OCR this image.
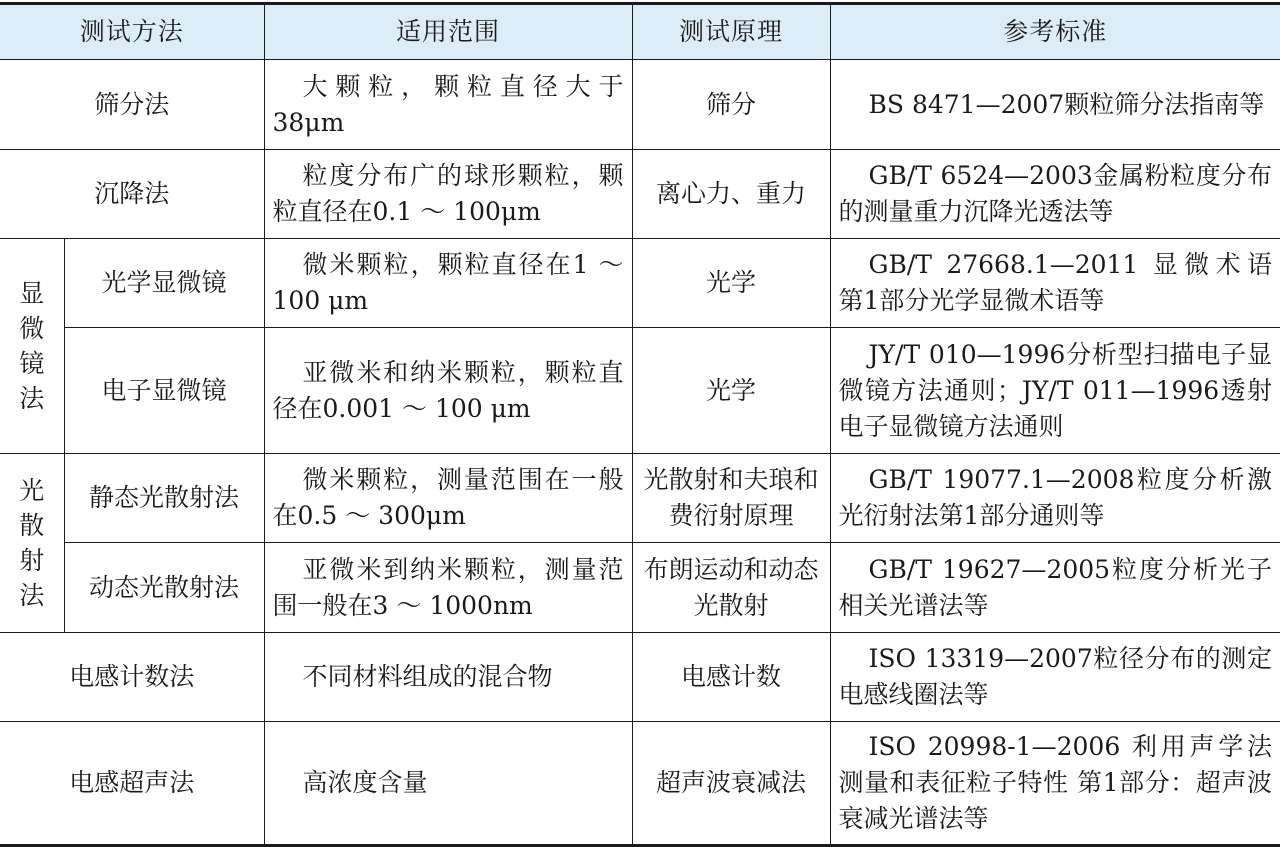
测试方法		适用范围	测试原理	参考标准
筛分法		大颗粒，颗粒直径大于38μm	筛分	BS 8471—2007颗粒筛分法指南等
沉降法		粒度分布广的球形颗粒，颗粒直径在0.1 ～ 100μm	离心力、重力	GB/T 6524—2003金属粉粒度分布的测量重力沉降光透法等

显
微
镜
法	光学显微镜	微米颗粒，颗粒直径在1 ～ 100 μm	光学	GB/T 27668.1—2011 显微术语 第1部分光学显微术语等
	电子显微镜	亚微米和纳米颗粒，颗粒直径在0.001 ～ 100 μm	光学	JY/T 010—1996分析型扫描电子显微镜方法通则；JY/T 011—1996透射电子显微镜方法通则

光
散
射
法	静态光散射法	微米颗粒，测量范围在一般在0.5 ～ 300μm	光散射和夫琅和费衍射原理	GB/T 19077.1—2008粒度分析激光衍射法第1部分通则等
	动态光散射法	亚微米到纳米颗粒，测量范围一般在3 ～ 1000nm	布朗运动和动态光散射	GB/T 19627—2005粒度分析光子相关光谱法等
电感计数法		不同材料组成的混合物	电感计数	ISO 13319—2007粒径分布的测定电感线圈法等
电感超声法		高浓度含量	超声波衰减法	ISO 20998-1—2006 利用声学法测量和表征粒子特性 第1部分：超声波衰减光谱法等
